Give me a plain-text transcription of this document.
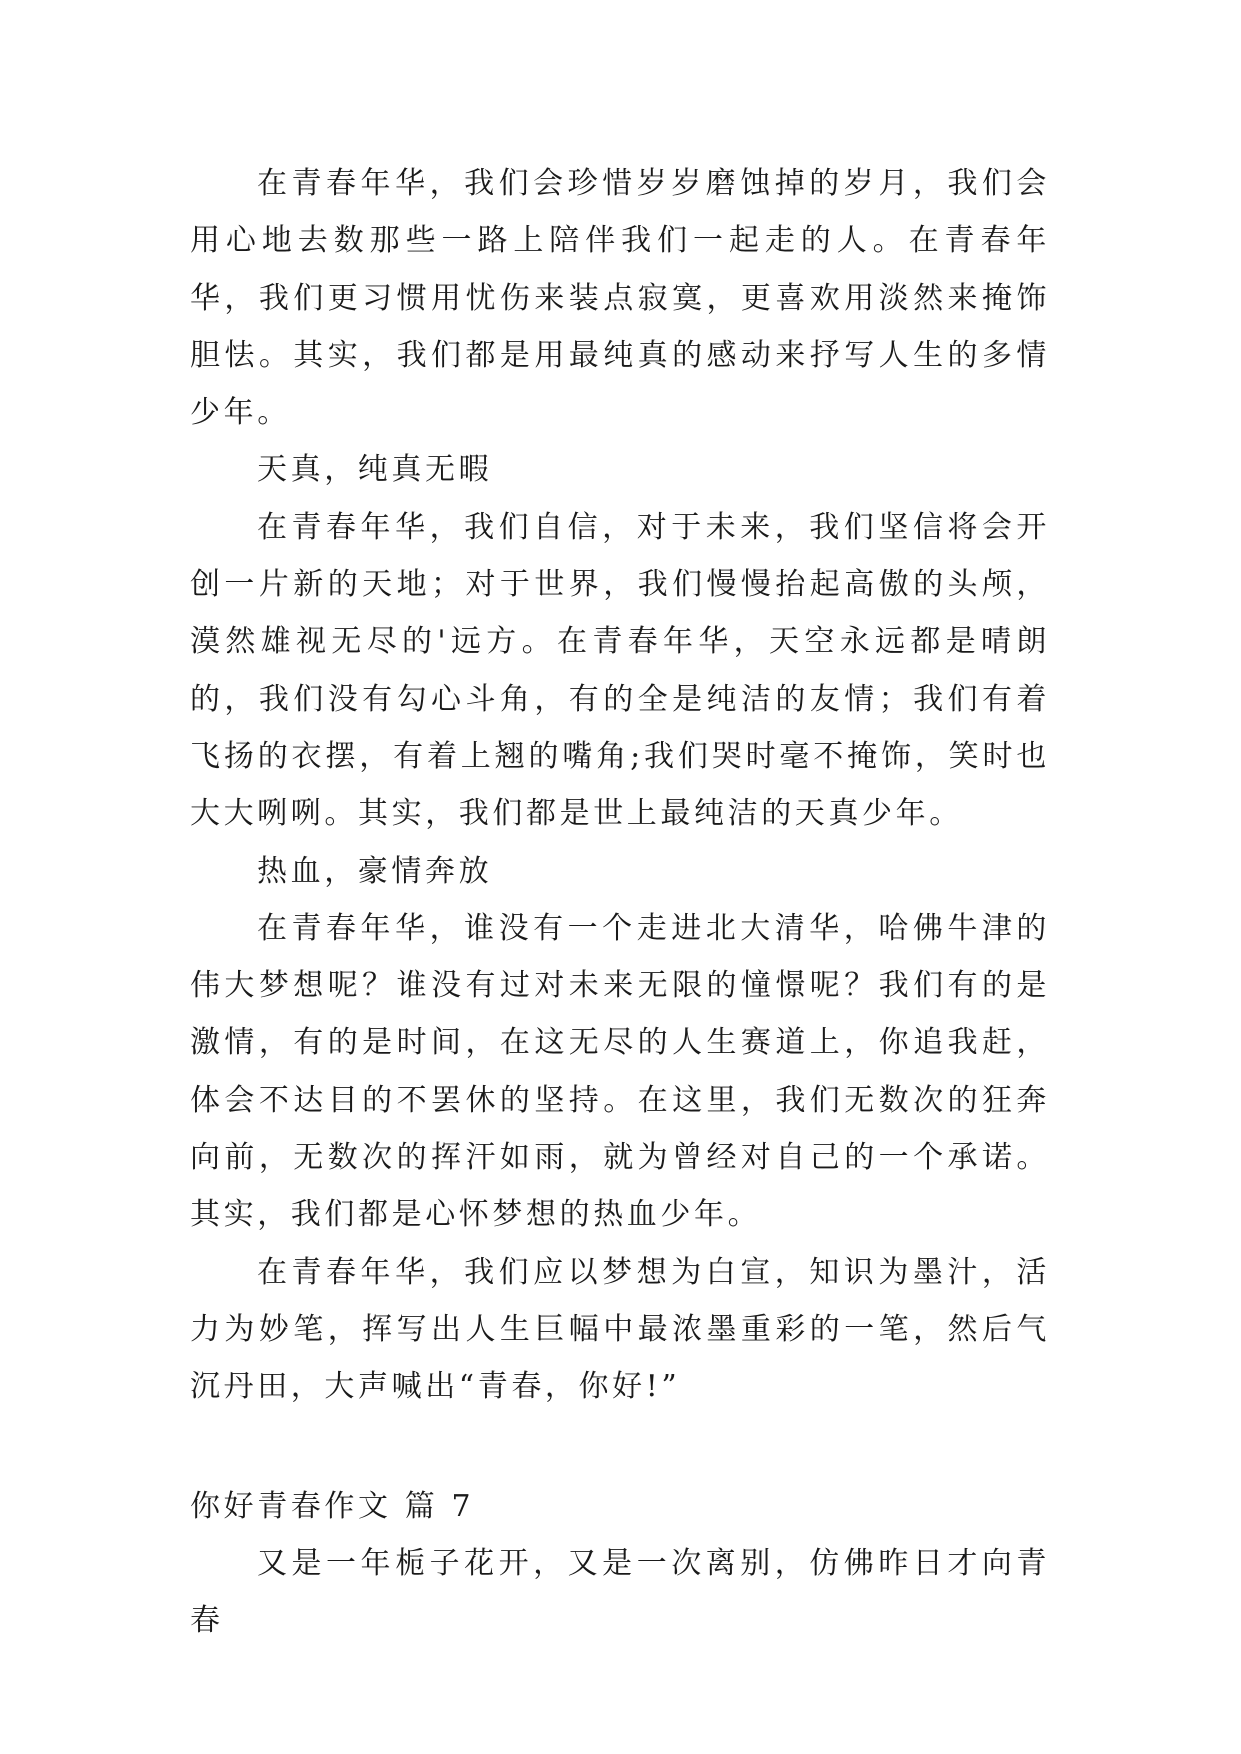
在青春年华，我们会珍惜岁岁磨蚀掉的岁月，我们会用心地去数那些一路上陪伴我们一起走的人。在青春年华，我们更习惯用忧伤来装点寂寞，更喜欢用淡然来掩饰胆怯。其实，我们都是用最纯真的感动来抒写人生的多情少年。

天真，纯真无暇

在青春年华，我们自信，对于未来，我们坚信将会开创一片新的天地；对于世界，我们慢慢抬起高傲的头颅，漠然雄视无尽的'远方。在青春年华，天空永远都是晴朗的，我们没有勾心斗角，有的全是纯洁的友情；我们有着飞扬的衣摆，有着上翘的嘴角;我们哭时毫不掩饰，笑时也大大咧咧。其实，我们都是世上最纯洁的天真少年。

热血，豪情奔放

在青春年华，谁没有一个走进北大清华，哈佛牛津的伟大梦想呢？谁没有过对未来无限的憧憬呢？我们有的是激情，有的是时间，在这无尽的人生赛道上，你追我赶，体会不达目的不罢休的坚持。在这里，我们无数次的狂奔向前，无数次的挥汗如雨，就为曾经对自己的一个承诺。其实，我们都是心怀梦想的热血少年。

在青春年华，我们应以梦想为白宣，知识为墨汁，活力为妙笔，挥写出人生巨幅中最浓墨重彩的一笔，然后气沉丹田，大声喊出“青春，你好!”

你好青春作文 篇 7

又是一年栀子花开，又是一次离别，仿佛昨日才向青春
